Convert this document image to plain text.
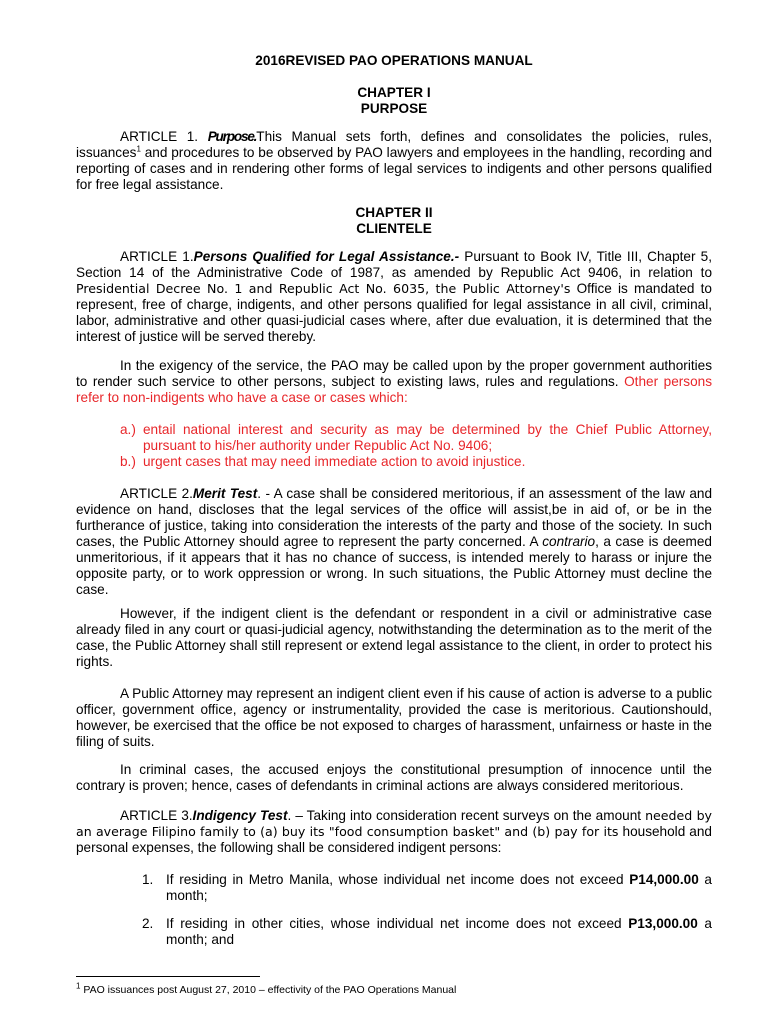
2016REVISED PAO OPERATIONS MANUAL
CHAPTER I
PURPOSE

ARTICLE 1. Purpose.This Manual sets forth, defines and consolidates the policies, rules, issuances$^1$ and procedures to be observed by PAO lawyers and employees in the handling, recording and reporting of cases and in rendering other forms of legal services to indigents and other persons qualified for free legal assistance.

CHAPTER II
CLIENTELE

ARTICLE 1.Persons Qualified for Legal Assistance.- Pursuant to Book IV, Title III, Chapter 5, Section 14 of the Administrative Code of 1987, as amended by Republic Act 9406, in relation to Presidential Decree No. 1 and Republic Act No. 6035, the Public Attorney's Office is mandated to represent, free of charge, indigents, and other persons qualified for legal assistance in all civil, criminal, labor, administrative and other quasi-judicial cases where, after due evaluation, it is determined that the interest of justice will be served thereby.

In the exigency of the service, the PAO may be called upon by the proper government authorities to render such service to other persons, subject to existing laws, rules and regulations. Other persons refer to non-indigents who have a case or cases which:

a.) entail national interest and security as may be determined by the Chief Public Attorney, pursuant to his/her authority under Republic Act No. 9406;
b.) urgent cases that may need immediate action to avoid injustice.

ARTICLE 2.Merit Test. - A case shall be considered meritorious, if an assessment of the law and evidence on hand, discloses that the legal services of the office will assist,be in aid of, or be in the furtherance of justice, taking into consideration the interests of the party and those of the society. In such cases, the Public Attorney should agree to represent the party concerned. A contrario, a case is deemed unmeritorious, if it appears that it has no chance of success, is intended merely to harass or injure the opposite party, or to work oppression or wrong. In such situations, the Public Attorney must decline the case.

However, if the indigent client is the defendant or respondent in a civil or administrative case already filed in any court or quasi-judicial agency, notwithstanding the determination as to the merit of the case, the Public Attorney shall still represent or extend legal assistance to the client, in order to protect his rights.

A Public Attorney may represent an indigent client even if his cause of action is adverse to a public officer, government office, agency or instrumentality, provided the case is meritorious. Cautionshould, however, be exercised that the office be not exposed to charges of harassment, unfairness or haste in the filing of suits.

In criminal cases, the accused enjoys the constitutional presumption of innocence until the contrary is proven; hence, cases of defendants in criminal actions are always considered meritorious.

ARTICLE 3.Indigency Test. – Taking into consideration recent surveys on the amount needed by an average Filipino family to (a) buy its "food consumption basket" and (b) pay for its household and personal expenses, the following shall be considered indigent persons:

1. If residing in Metro Manila, whose individual net income does not exceed P14,000.00 a month;
2. If residing in other cities, whose individual net income does not exceed P13,000.00 a month; and
$^1$ PAO issuances post August 27, 2010 – effectivity of the PAO Operations Manual
